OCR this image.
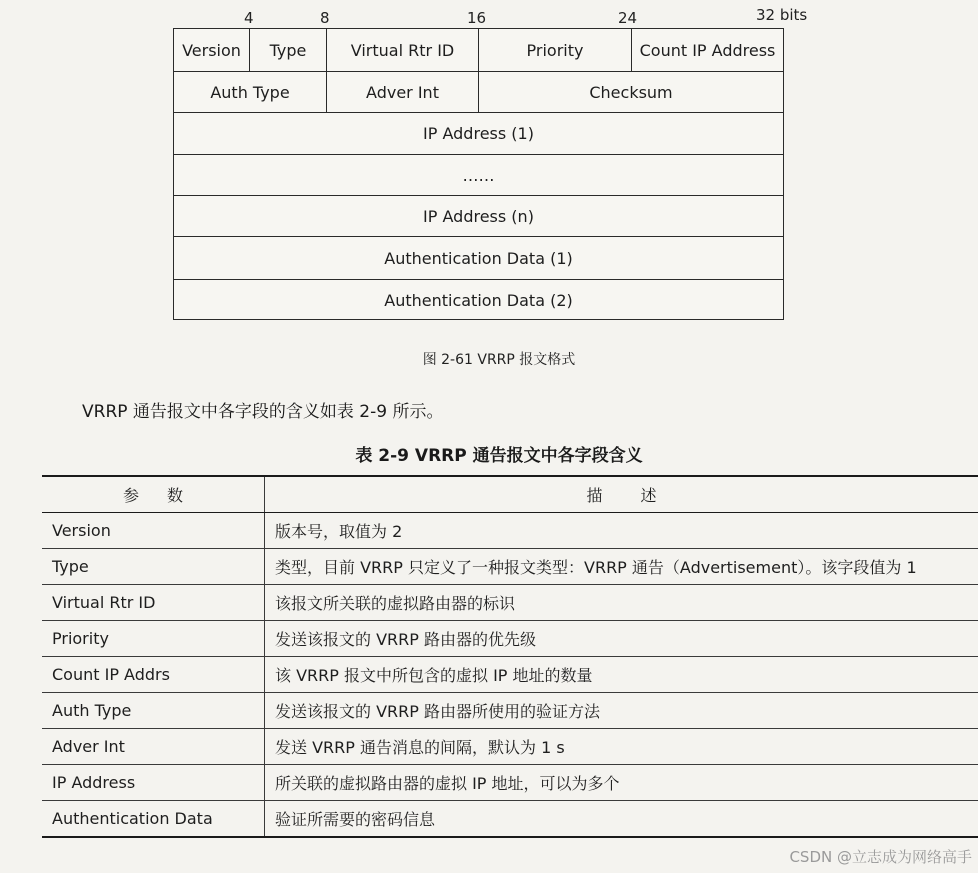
4	8	16	24	32 bits
Version	Type	Virtual Rtr ID	Priority	Count IP Address
Auth Type	Adver Int	Checksum
IP Address (1)
……
IP Address (n)
Authentication Data (1)
Authentication Data (2)
图 2-61 VRRP 报文格式
VRRP 通告报文中各字段的含义如表 2-9 所示。
表 2-9 VRRP 通告报文中各字段含义
参数	描述
Version	版本号，取值为 2
Type	类型，目前 VRRP 只定义了一种报文类型：VRRP 通告（Advertisement）。该字段值为 1
Virtual Rtr ID	该报文所关联的虚拟路由器的标识
Priority	发送该报文的 VRRP 路由器的优先级
Count IP Addrs	该 VRRP 报文中所包含的虚拟 IP 地址的数量
Auth Type	发送该报文的 VRRP 路由器所使用的验证方法
Adver Int	发送 VRRP 通告消息的间隔，默认为 1 s
IP Address	所关联的虚拟路由器的虚拟 IP 地址，可以为多个
Authentication Data	验证所需要的密码信息
CSDN @立志成为网络高手
